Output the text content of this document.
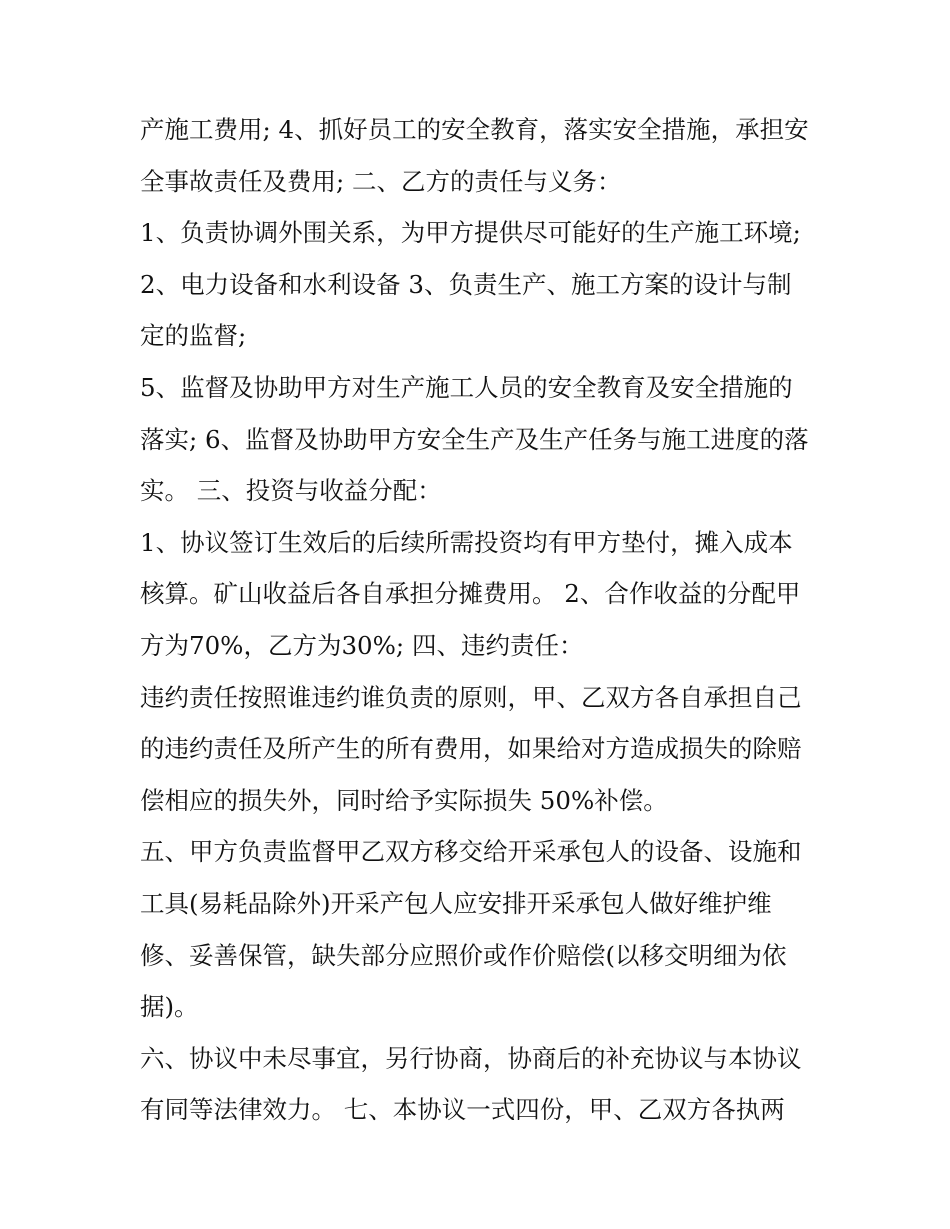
产施工费用; 4、抓好员工的安全教育，落实安全措施，承担安
全事故责任及费用; 二、乙方的责任与义务：
1、负责协调外围关系，为甲方提供尽可能好的生产施工环境;
2、电力设备和水利设备 3、负责生产、施工方案的设计与制
定的监督;
5、监督及协助甲方对生产施工人员的安全教育及安全措施的
落实; 6、监督及协助甲方安全生产及生产任务与施工进度的落
实。 三、投资与收益分配：
1、协议签订生效后的后续所需投资均有甲方垫付，摊入成本
核算。矿山收益后各自承担分摊费用。 2、合作收益的分配甲
方为70%，乙方为30%; 四、违约责任：
违约责任按照谁违约谁负责的原则，甲、乙双方各自承担自己
的违约责任及所产生的所有费用，如果给对方造成损失的除赔
偿相应的损失外，同时给予实际损失 50%补偿。
五、甲方负责监督甲乙双方移交给开采承包人的设备、设施和
工具(易耗品除外)开采产包人应安排开采承包人做好维护维
修、妥善保管，缺失部分应照价或作价赔偿(以移交明细为依
据)。
六、协议中未尽事宜，另行协商，协商后的补充协议与本协议
有同等法律效力。 七、本协议一式四份，甲、乙双方各执两
